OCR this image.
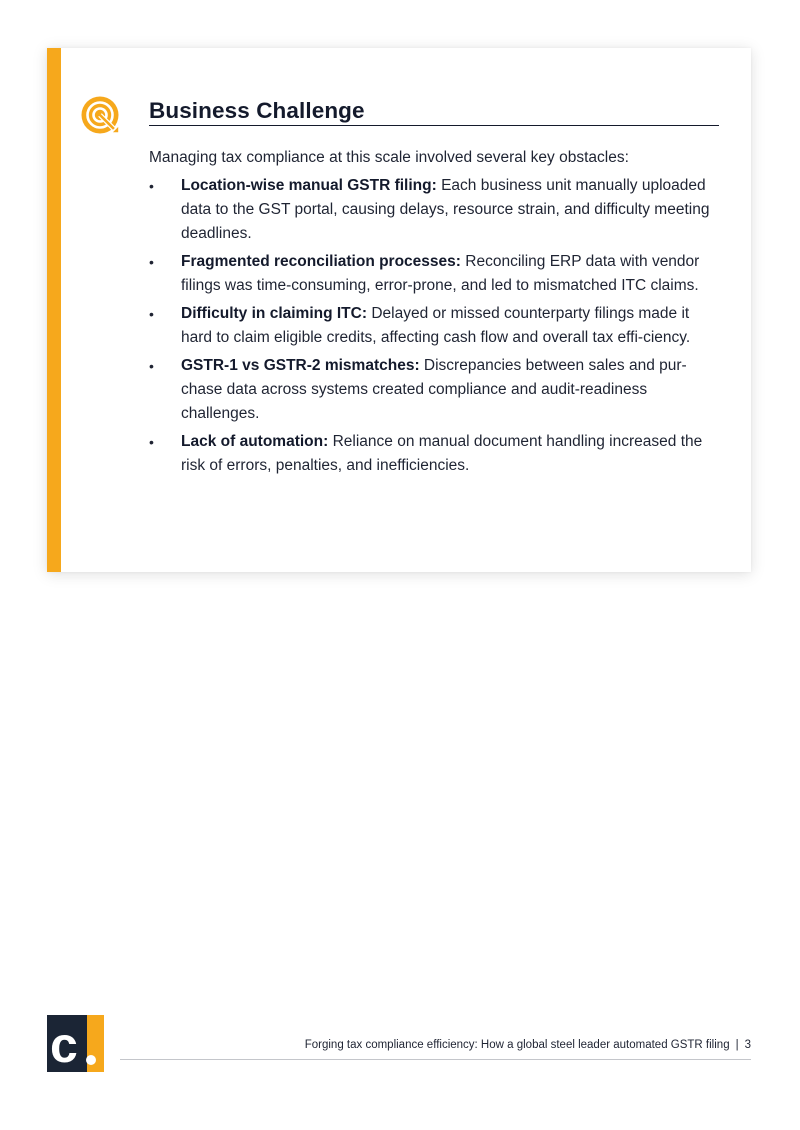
Business Challenge
Managing tax compliance at this scale involved several key obstacles:
•	Location-wise manual GSTR filing: Each business unit manually uploaded data to the GST portal, causing delays, resource strain, and difficulty meeting deadlines.
•	Fragmented reconciliation processes: Reconciling ERP data with vendor filings was time-consuming, error-prone, and led to mismatched ITC claims.
•	Difficulty in claiming ITC: Delayed or missed counterparty filings made it hard to claim eligible credits, affecting cash flow and overall tax effi-ciency.
•	GSTR-1 vs GSTR-2 mismatches: Discrepancies between sales and pur-chase data across systems created compliance and audit-readiness challenges.
•	Lack of automation: Reliance on manual document handling increased the risk of errors, penalties, and inefficiencies.
c	Forging tax compliance efficiency: How a global steel leader automated GSTR filing | 3
